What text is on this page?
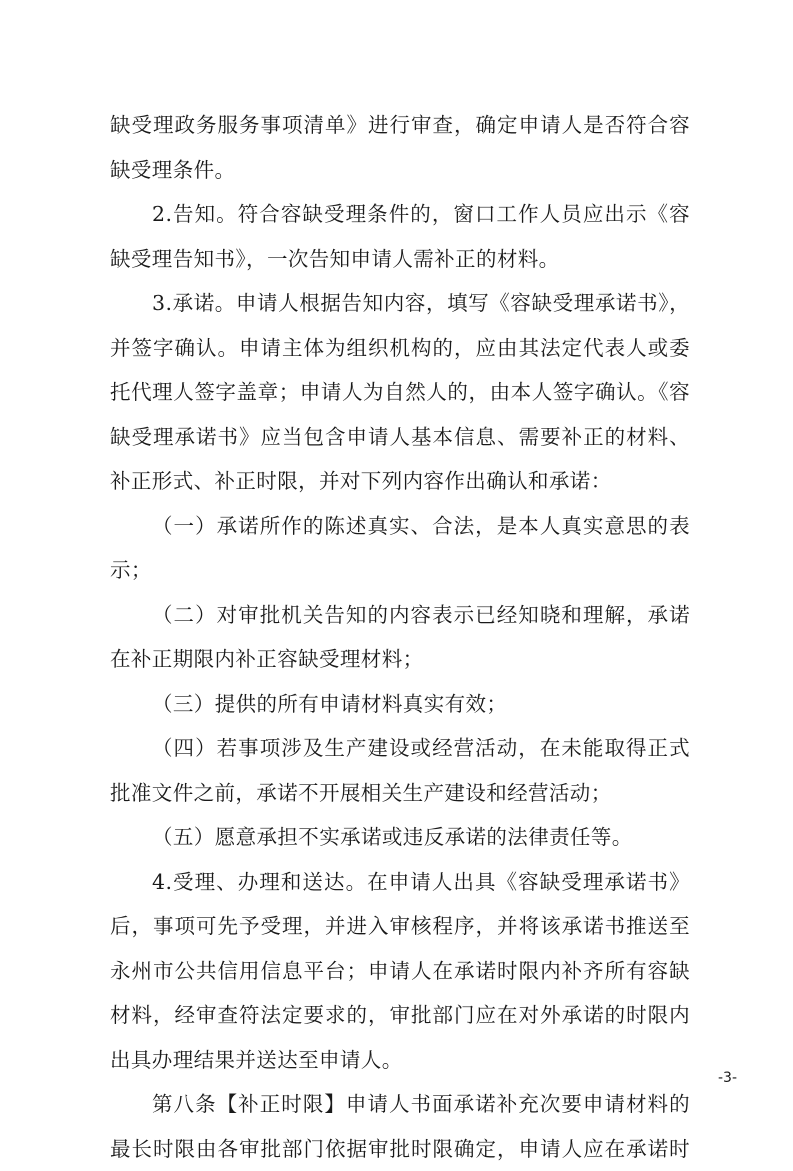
缺受理政务服务事项清单》进行审查，确定申请人是否符合容
缺受理条件。
2.告知。符合容缺受理条件的，窗口工作人员应出示《容
缺受理告知书》，一次告知申请人需补正的材料。
3.承诺。申请人根据告知内容，填写《容缺受理承诺书》，
并签字确认。申请主体为组织机构的，应由其法定代表人或委
托代理人签字盖章；申请人为自然人的，由本人签字确认。《容
缺受理承诺书》应当包含申请人基本信息、需要补正的材料、
补正形式、补正时限，并对下列内容作出确认和承诺：
（一）承诺所作的陈述真实、合法，是本人真实意思的表
示；
（二）对审批机关告知的内容表示已经知晓和理解，承诺
在补正期限内补正容缺受理材料；
（三）提供的所有申请材料真实有效；
（四）若事项涉及生产建设或经营活动，在未能取得正式
批准文件之前，承诺不开展相关生产建设和经营活动；
（五）愿意承担不实承诺或违反承诺的法律责任等。
4.受理、办理和送达。在申请人出具《容缺受理承诺书》
后，事项可先予受理，并进入审核程序，并将该承诺书推送至
永州市公共信用信息平台；申请人在承诺时限内补齐所有容缺
材料，经审查符法定要求的，审批部门应在对外承诺的时限内
出具办理结果并送达至申请人。
第八条【补正时限】申请人书面承诺补充次要申请材料的
最长时限由各审批部门依据审批时限确定，申请人应在承诺时
-3-
